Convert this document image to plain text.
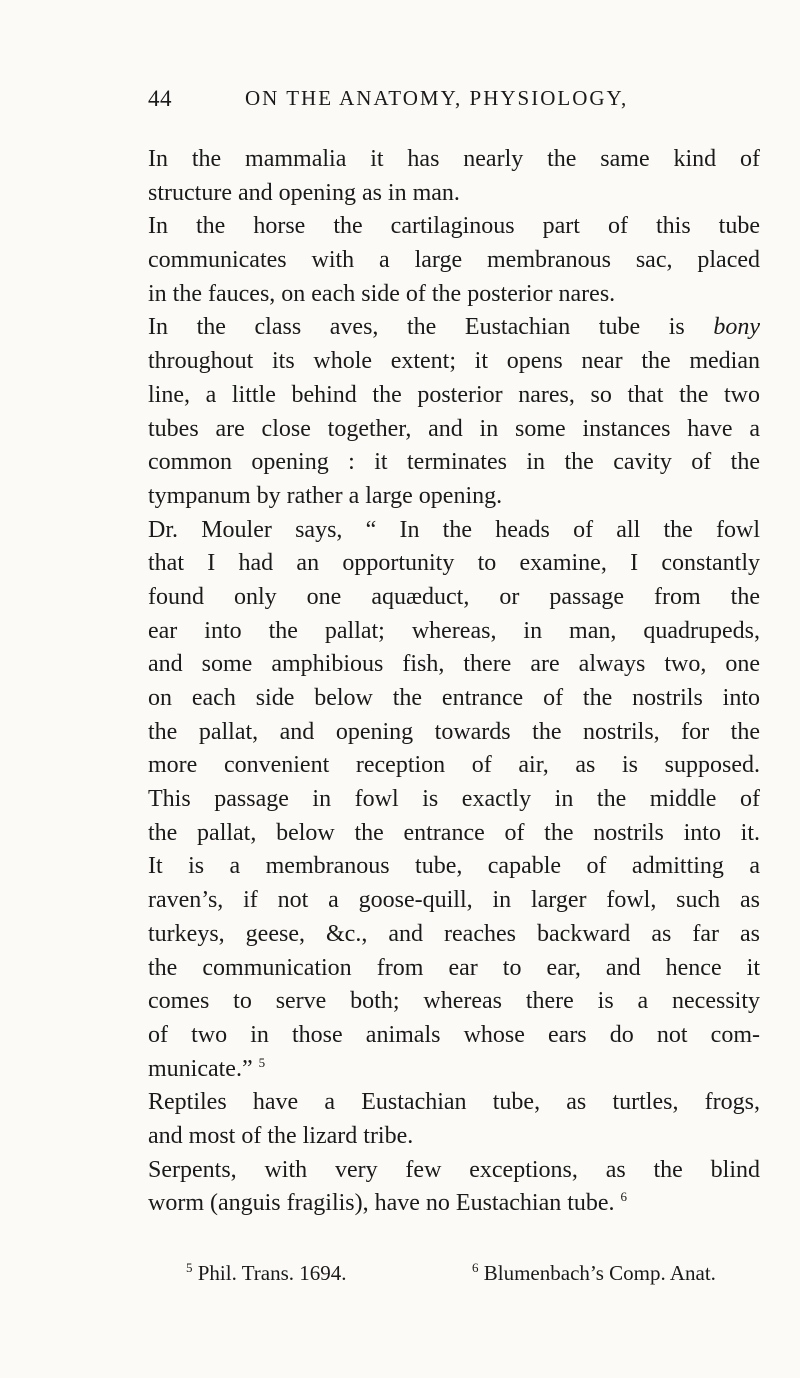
44	ON THE ANATOMY, PHYSIOLOGY,
In the mammalia it has nearly the same kind of
structure and opening as in man.
In the horse the cartilaginous part of this tube
communicates with a large membranous sac, placed
in the fauces, on each side of the posterior nares.
In the class aves, the Eustachian tube is bony
throughout its whole extent; it opens near the median
line, a little behind the posterior nares, so that the two
tubes are close together, and in some instances have a
common opening : it terminates in the cavity of the
tympanum by rather a large opening.
Dr. Mouler says, “ In the heads of all the fowl
that I had an opportunity to examine, I constantly
found only one aquæduct, or passage from the
ear into the pallat; whereas, in man, quadrupeds,
and some amphibious fish, there are always two, one
on each side below the entrance of the nostrils into
the pallat, and opening towards the nostrils, for the
more convenient reception of air, as is supposed.
This passage in fowl is exactly in the middle of
the pallat, below the entrance of the nostrils into it.
It is a membranous tube, capable of admitting a
raven’s, if not a goose-quill, in larger fowl, such as
turkeys, geese, &c., and reaches backward as far as
the communication from ear to ear, and hence it
comes to serve both; whereas there is a necessity
of two in those animals whose ears do not com-
municate.” $^5$
Reptiles have a Eustachian tube, as turtles, frogs,
and most of the lizard tribe.
Serpents, with very few exceptions, as the blind
worm (anguis fragilis), have no Eustachian tube. $^6$
$^5$ Phil. Trans. 1694.	$^6$ Blumenbach’s Comp. Anat.
